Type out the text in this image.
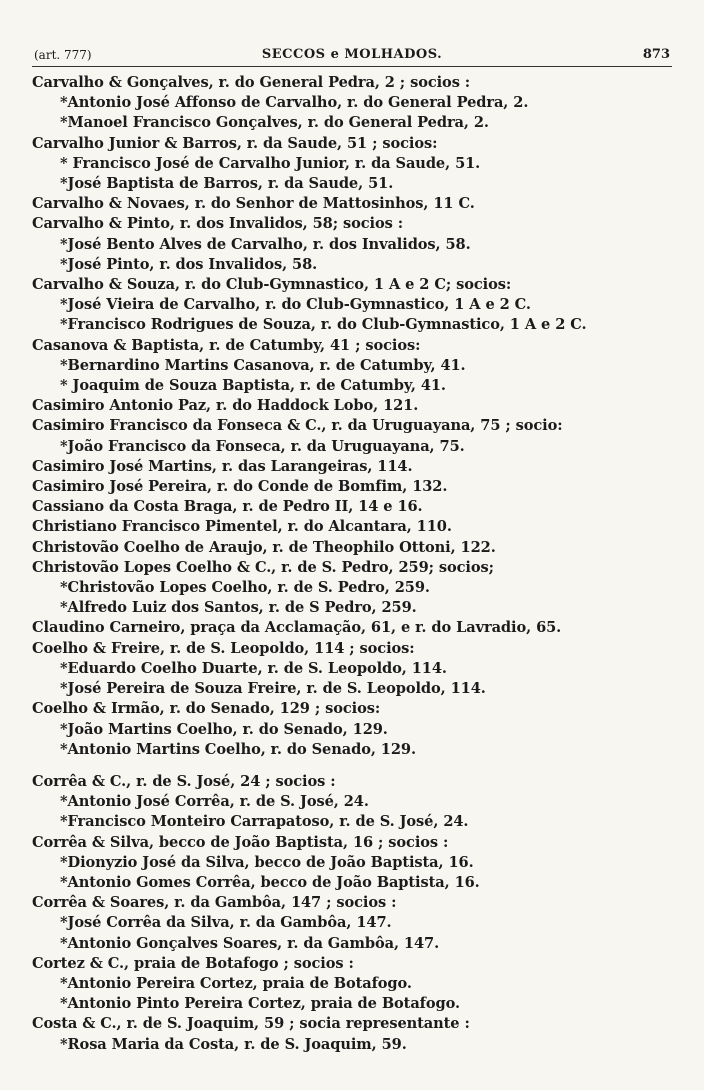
(art. 777)	SECCOS e MOLHADOS.	873
Carvalho & Gonçalves, r. do General Pedra, 2 ; socios :
*Antonio José Affonso de Carvalho, r. do General Pedra, 2.
*Manoel Francisco Gonçalves, r. do General Pedra, 2.
Carvalho Junior & Barros, r. da Saude, 51 ; socios:
* Francisco José de Carvalho Junior, r. da Saude, 51.
*José Baptista de Barros, r. da Saude, 51.
Carvalho & Novaes, r. do Senhor de Mattosinhos, 11 C.
Carvalho & Pinto, r. dos Invalidos, 58; socios :
*José Bento Alves de Carvalho, r. dos Invalidos, 58.
*José Pinto, r. dos Invalidos, 58.
Carvalho & Souza, r. do Club-Gymnastico, 1 A e 2 C; socios:
*José Vieira de Carvalho, r. do Club-Gymnastico, 1 A e 2 C.
*Francisco Rodrigues de Souza, r. do Club-Gymnastico, 1 A e 2 C.
Casanova & Baptista, r. de Catumby, 41 ; socios:
*Bernardino Martins Casanova, r. de Catumby, 41.
* Joaquim de Souza Baptista, r. de Catumby, 41.
Casimiro Antonio Paz, r. do Haddock Lobo, 121.
Casimiro Francisco da Fonseca & C., r. da Uruguayana, 75 ; socio:
*João Francisco da Fonseca, r. da Uruguayana, 75.
Casimiro José Martins, r. das Larangeiras, 114.
Casimiro José Pereira, r. do Conde de Bomfim, 132.
Cassiano da Costa Braga, r. de Pedro II, 14 e 16.
Christiano Francisco Pimentel, r. do Alcantara, 110.
Christovão Coelho de Araujo, r. de Theophilo Ottoni, 122.
Christovão Lopes Coelho & C., r. de S. Pedro, 259; socios;
*Christovão Lopes Coelho, r. de S. Pedro, 259.
*Alfredo Luiz dos Santos, r. de S Pedro, 259.
Claudino Carneiro, praça da Acclamação, 61, e r. do Lavradio, 65.
Coelho & Freire, r. de S. Leopoldo, 114 ; socios:
*Eduardo Coelho Duarte, r. de S. Leopoldo, 114.
*José Pereira de Souza Freire, r. de S. Leopoldo, 114.
Coelho & Irmão, r. do Senado, 129 ; socios:
*João Martins Coelho, r. do Senado, 129.
*Antonio Martins Coelho, r. do Senado, 129.
Corrêa & C., r. de S. José, 24 ; socios :
*Antonio José Corrêa, r. de S. José, 24.
*Francisco Monteiro Carrapatoso, r. de S. José, 24.
Corrêa & Silva, becco de João Baptista, 16 ; socios :
*Dionyzio José da Silva, becco de João Baptista, 16.
*Antonio Gomes Corrêa, becco de João Baptista, 16.
Corrêa & Soares, r. da Gambôa, 147 ; socios :
*José Corrêa da Silva, r. da Gambôa, 147.
*Antonio Gonçalves Soares, r. da Gambôa, 147.
Cortez & C., praia de Botafogo ; socios :
*Antonio Pereira Cortez, praia de Botafogo.
*Antonio Pinto Pereira Cortez, praia de Botafogo.
Costa & C., r. de S. Joaquim, 59 ; socia representante :
*Rosa Maria da Costa, r. de S. Joaquim, 59.
